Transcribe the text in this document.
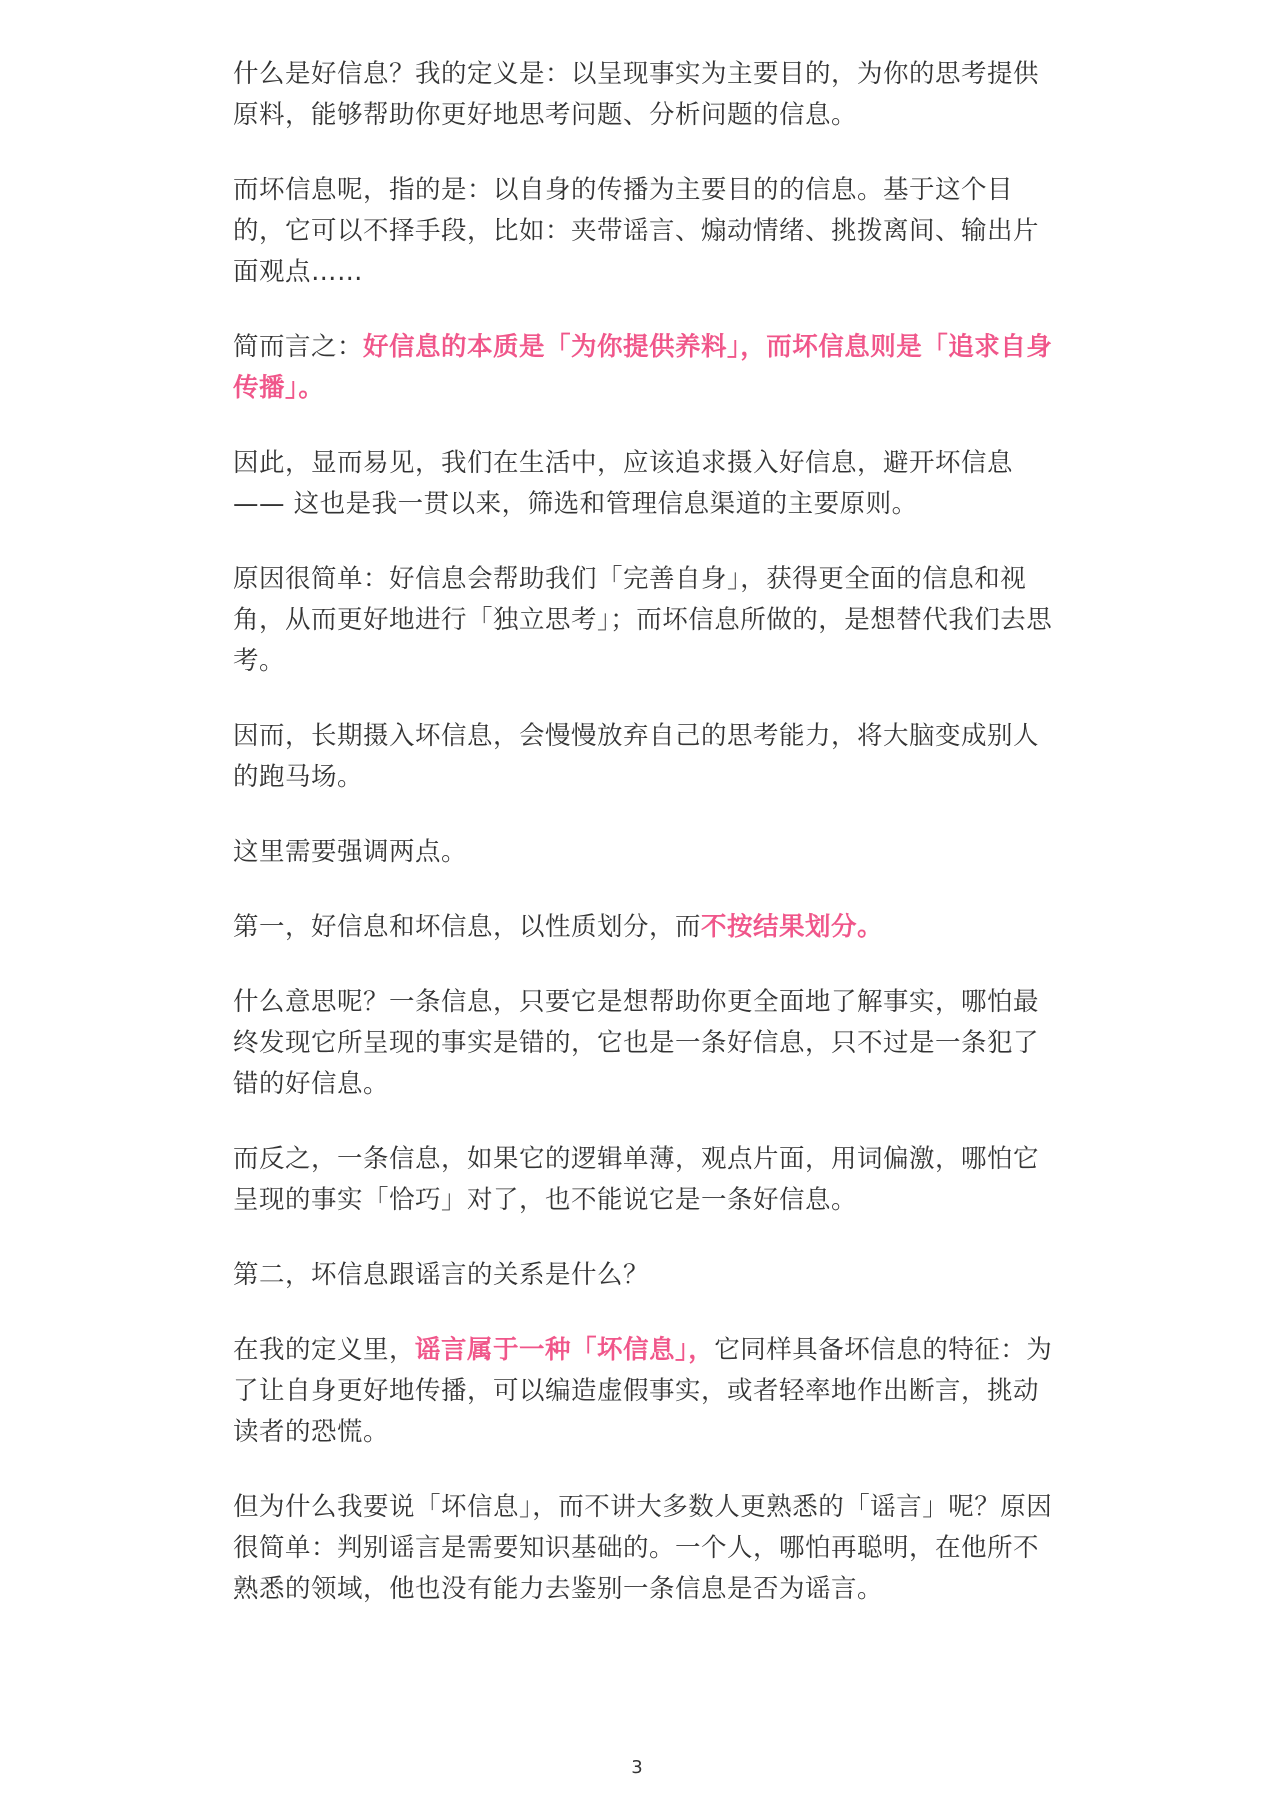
什么是好信息？我的定义是：以呈现事实为主要目的，为你的思考提供原料，能够帮助你更好地思考问题、分析问题的信息。

而坏信息呢，指的是：以自身的传播为主要目的的信息。基于这个目的，它可以不择手段，比如：夹带谣言、煽动情绪、挑拨离间、输出片面观点……

简而言之：好信息的本质是「为你提供养料」，而坏信息则是「追求自身传播」。

因此，显而易见，我们在生活中，应该追求摄入好信息，避开坏信息 —— 这也是我一贯以来，筛选和管理信息渠道的主要原则。

原因很简单：好信息会帮助我们「完善自身」，获得更全面的信息和视角，从而更好地进行「独立思考」；而坏信息所做的，是想替代我们去思考。

因而，长期摄入坏信息，会慢慢放弃自己的思考能力，将大脑变成别人的跑马场。

这里需要强调两点。

第一，好信息和坏信息，以性质划分，而不按结果划分。

什么意思呢？一条信息，只要它是想帮助你更全面地了解事实，哪怕最终发现它所呈现的事实是错的，它也是一条好信息，只不过是一条犯了错的好信息。

而反之，一条信息，如果它的逻辑单薄，观点片面，用词偏激，哪怕它呈现的事实「恰巧」对了，也不能说它是一条好信息。

第二，坏信息跟谣言的关系是什么？

在我的定义里，谣言属于一种「坏信息」，它同样具备坏信息的特征：为了让自身更好地传播，可以编造虚假事实，或者轻率地作出断言，挑动读者的恐慌。

但为什么我要说「坏信息」，而不讲大多数人更熟悉的「谣言」呢？原因很简单：判别谣言是需要知识基础的。一个人，哪怕再聪明，在他所不熟悉的领域，他也没有能力去鉴别一条信息是否为谣言。

3
